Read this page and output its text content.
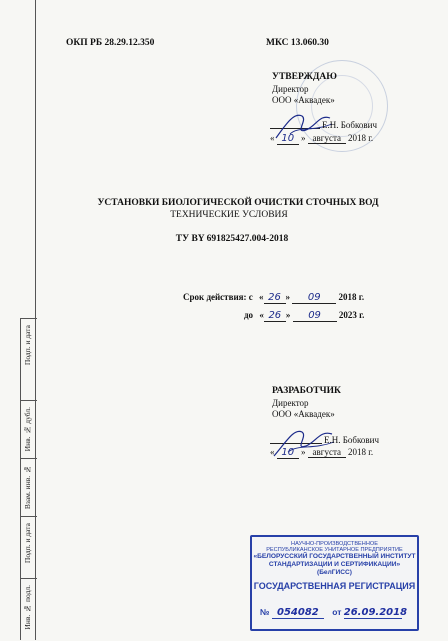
Подп. и дата
Инв. № дубл.
Взам. инв. №
Подп. и дата
Инв. № подл.
ОКП РБ 28.29.12.350	МКС 13.060.30
УТВЕРЖДАЮ
Директор
ООО «Аквадек»
Е.Н. Бобкович
« 10 » августа 2018 г.
УСТАНОВКИ БИОЛОГИЧЕСКОЙ ОЧИСТКИ СТОЧНЫХ ВОД
ТЕХНИЧЕСКИЕ УСЛОВИЯ
ТУ BY 691825427.004-2018
Срок действия: с « 26 » 09 2018 г.
до « 26 » 09 2023 г.
РАЗРАБОТЧИК
Директор
ООО «Аквадек»
Е.Н. Бобкович
« 10 » августа 2018 г.
НАУЧНО-ПРОИЗВОДСТВЕННОЕ
РЕСПУБЛИКАНСКОЕ УНИТАРНОЕ ПРЕДПРИЯТИЕ
«БЕЛОРУССКИЙ ГОСУДАРСТВЕННЫЙ ИНСТИТУТ
СТАНДАРТИЗАЦИИ И СЕРТИФИКАЦИИ»
(БелГИСС)
ГОСУДАРСТВЕННАЯ РЕГИСТРАЦИЯ
№ 054082 от 26.09.2018
